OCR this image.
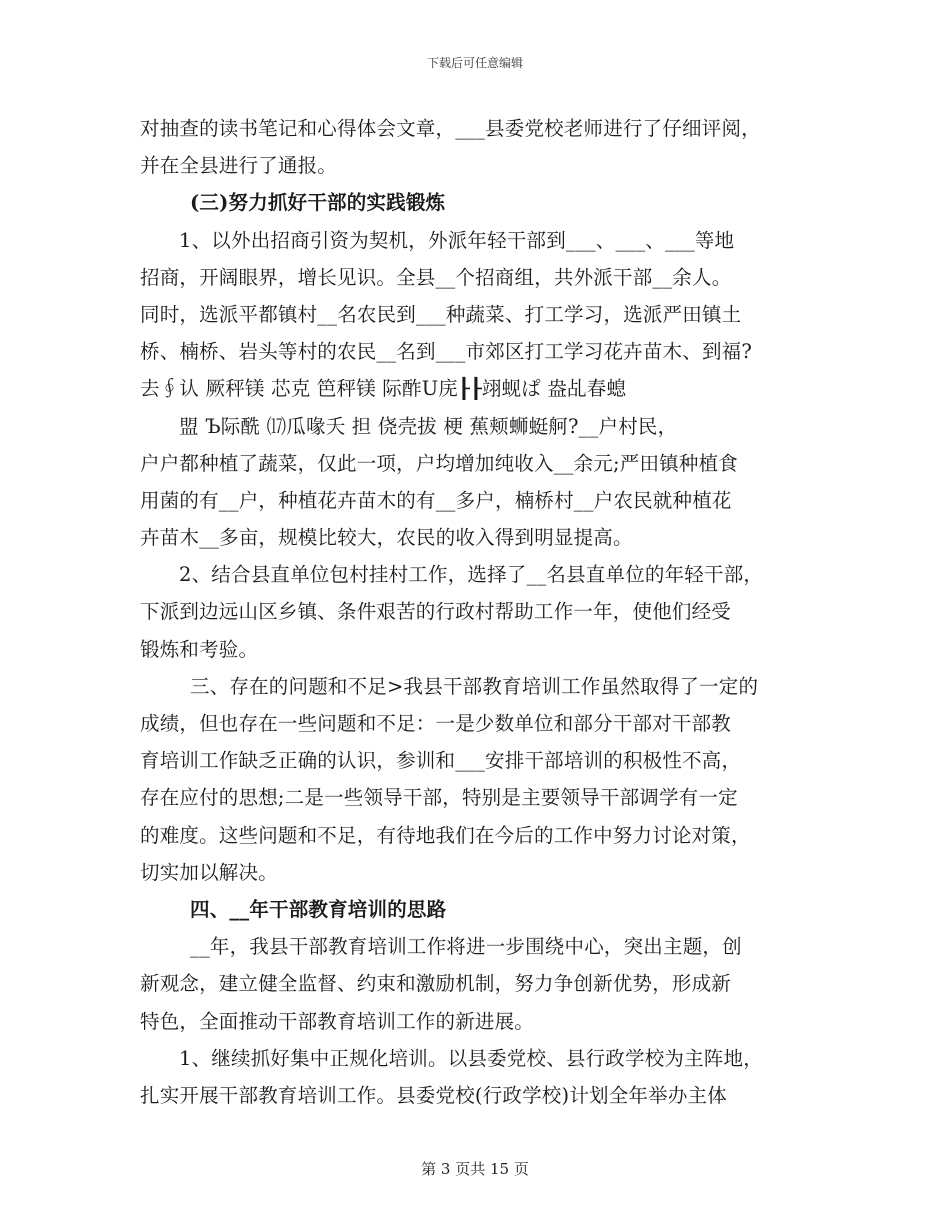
下载后可任意编辑
对抽查的读书笔记和心得体会文章，___县委党校老师进行了仔细评阅，
并在全县进行了通报。
(三)努力抓好干部的实践锻炼
1、以外出招商引资为契机，外派年轻干部到___、___、___等地
招商，开阔眼界，增长见识。全县__个招商组，共外派干部__余人。
同时，选派平都镇村__名农民到___种蔬菜、打工学习，选派严田镇土
桥、楠桥、岩头等村的农民__名到___市郊区打工学习花卉苗木、到福?
去∮认 厥秤镁 芯克 笆秤镁 际酢U庑┠┠翊蚬ぱ 盎乩春螅
盟 Ъ际酰 ⒄瓜喙夭 担 侥壳拔 梗 蕉颊蛳蜓舸?__户村民，
户户都种植了蔬菜，仅此一项，户均增加纯收入__余元;严田镇种植食
用菌的有__户，种植花卉苗木的有__多户，楠桥村__户农民就种植花
卉苗木__多亩，规模比较大，农民的收入得到明显提高。
2、结合县直单位包村挂村工作，选择了__名县直单位的年轻干部，
下派到边远山区乡镇、条件艰苦的行政村帮助工作一年，使他们经受
锻炼和考验。
三、存在的问题和不足>我县干部教育培训工作虽然取得了一定的
成绩，但也存在一些问题和不足：一是少数单位和部分干部对干部教
育培训工作缺乏正确的认识，参训和___安排干部培训的积极性不高，
存在应付的思想;二是一些领导干部，特别是主要领导干部调学有一定
的难度。这些问题和不足，有待地我们在今后的工作中努力讨论对策，
切实加以解决。
四、__年干部教育培训的思路
__年，我县干部教育培训工作将进一步围绕中心，突出主题，创
新观念，建立健全监督、约束和激励机制，努力争创新优势，形成新
特色，全面推动干部教育培训工作的新进展。
1、继续抓好集中正规化培训。以县委党校、县行政学校为主阵地，
扎实开展干部教育培训工作。县委党校(行政学校)计划全年举办主体
第 3 页共 15 页
